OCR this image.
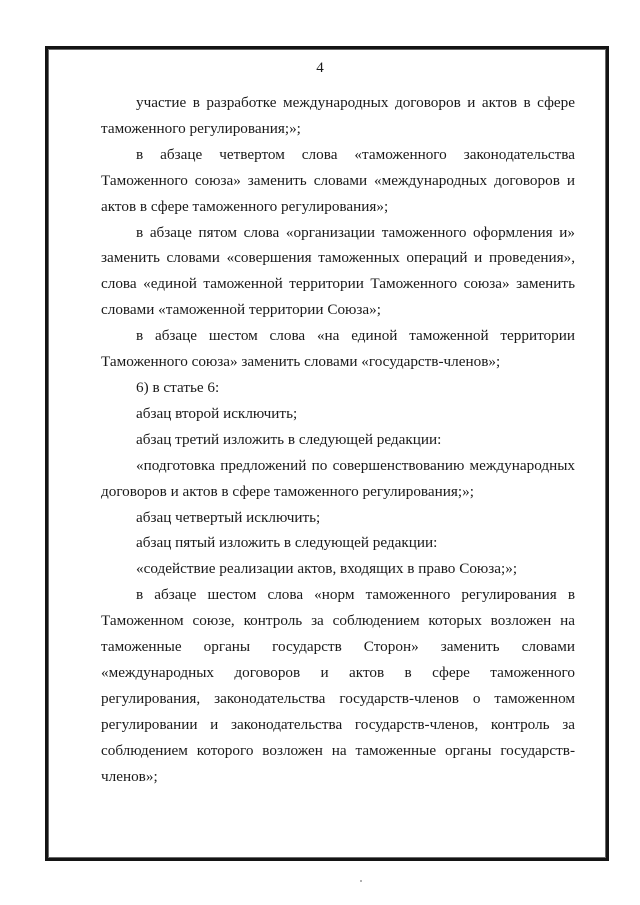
4

участие в разработке международных договоров и актов в сфере таможенного регулирования;»;

в абзаце четвертом слова «таможенного законодательства Таможенного союза» заменить словами «международных договоров и актов в сфере таможенного регулирования»;

в абзаце пятом слова «организации таможенного оформления и» заменить словами «совершения таможенных операций и проведения», слова «единой таможенной территории Таможенного союза» заменить словами «таможенной территории Союза»;

в абзаце шестом слова «на единой таможенной территории Таможенного союза» заменить словами «государств-членов»;

6) в статье 6:

абзац второй исключить;

абзац третий изложить в следующей редакции:

«подготовка предложений по совершенствованию международных договоров и актов в сфере таможенного регулирования;»;

абзац четвертый исключить;

абзац пятый изложить в следующей редакции:

«содействие реализации актов, входящих в право Союза;»;

в абзаце шестом слова «норм таможенного регулирования в Таможенном союзе, контроль за соблюдением которых возложен на таможенные органы государств Сторон» заменить словами «международных договоров и актов в сфере таможенного регулирования, законодательства государств-членов о таможенном регулировании и законодательства государств-членов, контроль за соблюдением которого возложен на таможенные органы государств-членов»;
